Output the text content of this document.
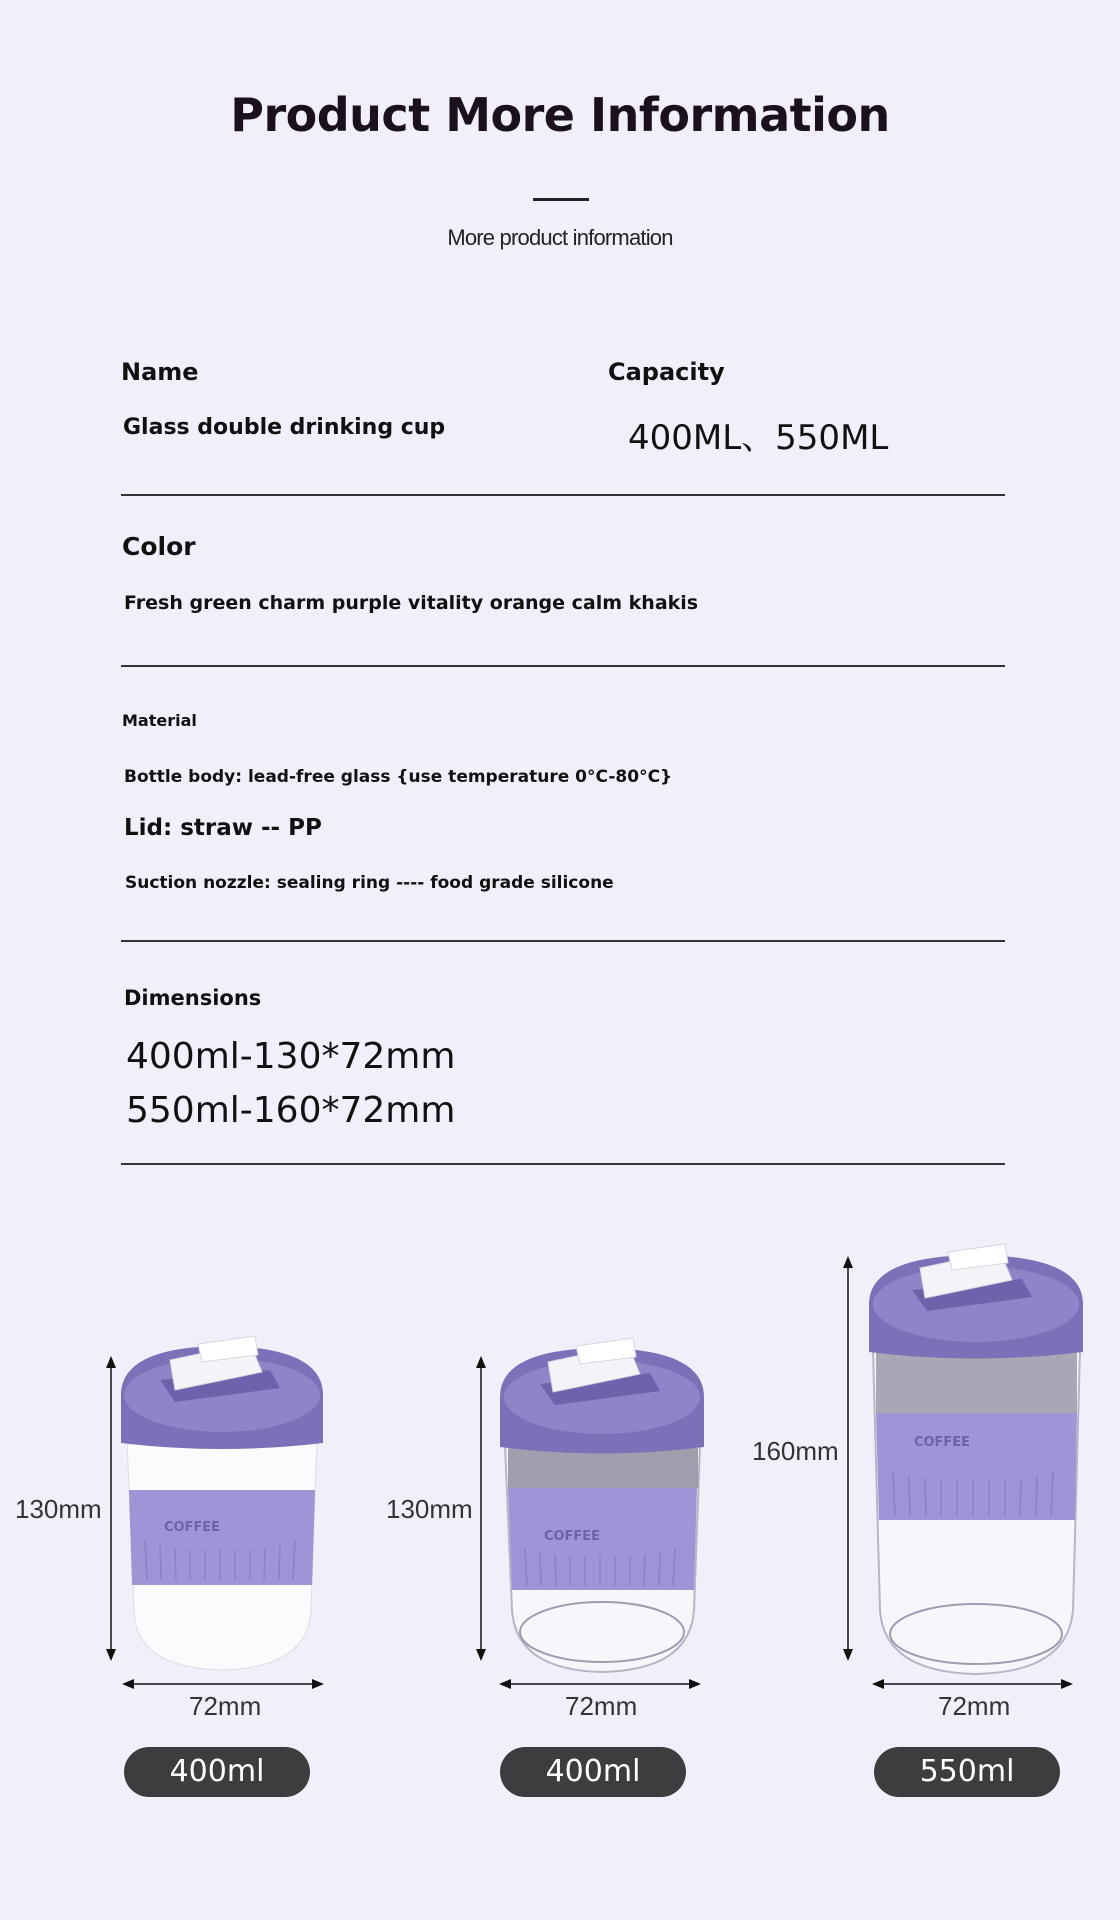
Product More Information
More product information
Name
Glass double drinking cup
Capacity
400ML、550ML
Color
Fresh green charm purple vitality orange calm khakis
Material
Bottle body: lead-free glass {use temperature 0°C-80°C}
Lid: straw -- PP
Suction nozzle: sealing ring ---- food grade silicone
Dimensions
400ml-130*72mm
550ml-160*72mm
COFFEE
130mm
72mm
400ml
COFFEE
130mm
72mm
400ml
COFFEE
160mm
72mm
550ml
